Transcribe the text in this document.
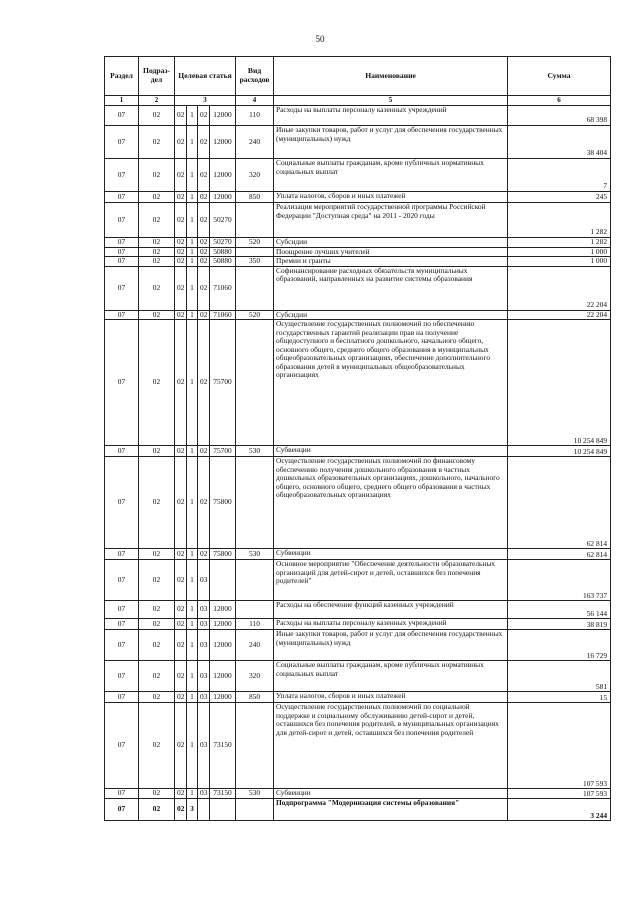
50
Раздел	Подраз-дел	Целевая статья				Вид расходов	Наименование	Сумма
1	2	3				4	5	6
07	02	02	1	02	12000	110	Расходы на выплаты персоналу казенных учреждений	68 398
07	02	02	1	02	12000	240	Иные закупки товаров, работ и услуг для обеспечения государственных (муниципальных) нужд	38 404
07	02	02	1	02	12000	320	Социальные выплаты гражданам, кроме публичных нормативных социальных выплат	7
07	02	02	1	02	12000	850	Уплата налогов, сборов и иных платежей	245
07	02	02	1	02	50270		Реализация мероприятий государственной программы Российской Федерации "Доступная среда" на 2011 - 2020 годы	1 282
07	02	02	1	02	50270	520	Субсидии	1 282
07	02	02	1	02	50880		Поощрение лучших учителей	1 000
07	02	02	1	02	50880	350	Премии и гранты	1 000
07	02	02	1	02	71060		Софинансирование расходных обязательств муниципальных образований, направленных на развитие системы образования	22 204
07	02	02	1	02	71060	520	Субсидии	22 204
07	02	02	1	02	75700		Осуществление государственных полномочий по обеспечению государственных гарантий реализации прав на получение общедоступного и бесплатного дошкольного, начального общего, основного общего, среднего общего образования в муниципальных общеобразовательных организациях, обеспечение дополнительного образования детей в муниципальных общеобразовательных организациях	10 254 849
07	02	02	1	02	75700	530	Субвенции	10 254 849
07	02	02	1	02	75800		Осуществление государственных полномочий по финансовому обеспечению получения дошкольного образования в частных дошкольных образовательных организациях, дошкольного, начального общего, основного общего, среднего общего образования в частных общеобразовательных организациях	62 814
07	02	02	1	02	75800	530	Субвенции	62 814
07	02	02	1	03			Основное мероприятие "Обеспечение деятельности образовательных организаций для детей-сирот и детей, оставшихся без попечения родителей"	163 737
07	02	02	1	03	12000		Расходы на обеспечение функций казенных учреждений	56 144
07	02	02	1	03	12000	110	Расходы на выплаты персоналу казенных учреждений	38 819
07	02	02	1	03	12000	240	Иные закупки товаров, работ и услуг для обеспечения государственных (муниципальных) нужд	16 729
07	02	02	1	03	12000	320	Социальные выплаты гражданам, кроме публичных нормативных социальных выплат	581
07	02	02	1	03	12000	850	Уплата налогов, сборов и иных платежей	15
07	02	02	1	03	73150		Осуществление государственных полномочий по социальной поддержке и социальному обслуживанию детей-сирот и детей, оставшихся без попечения родителей, в муниципальных организациях для детей-сирот и детей, оставшихся без попечения родителей	107 593
07	02	02	1	03	73150	530	Субвенции	107 593
07	02	02	3				Подпрограмма "Модернизация системы образования"	3 244
